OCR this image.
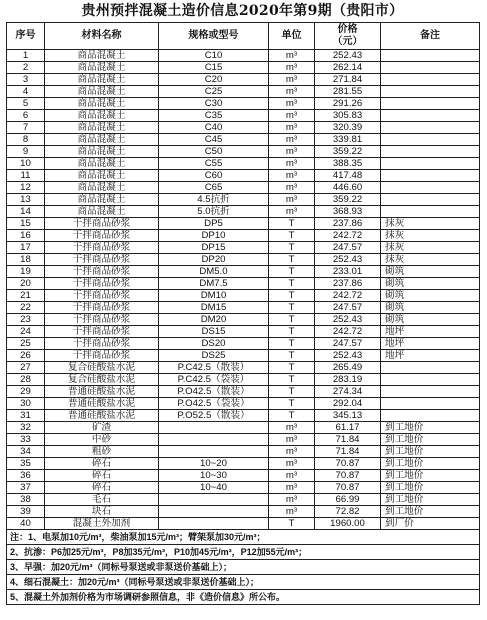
贵州预拌混凝土造价信息2020年第9期（贵阳市）
序号	材料名称	规格或型号	单位	价格
（元）	备注
1	商品混凝土	C10	m³	252.43	
2	商品混凝土	C15	m³	262.14	
3	商品混凝土	C20	m³	271.84	
4	商品混凝土	C25	m³	281.55	
5	商品混凝土	C30	m³	291.26	
6	商品混凝土	C35	m³	305.83	
7	商品混凝土	C40	m³	320.39	
8	商品混凝土	C45	m³	339.81	
9	商品混凝土	C50	m³	359.22	
10	商品混凝土	C55	m³	388.35	
11	商品混凝土	C60	m³	417.48	
12	商品混凝土	C65	m³	446.60	
13	商品混凝土	4.5抗折	m³	359.22	
14	商品混凝土	5.0抗折	m³	368.93	
15	干拌商品砂浆	DP5	T	237.86	抹灰
16	干拌商品砂浆	DP10	T	242.72	抹灰
17	干拌商品砂浆	DP15	T	247.57	抹灰
18	干拌商品砂浆	DP20	T	252.43	抹灰
19	干拌商品砂浆	DM5.0	T	233.01	砌筑
20	干拌商品砂浆	DM7.5	T	237.86	砌筑
21	干拌商品砂浆	DM10	T	242.72	砌筑
22	干拌商品砂浆	DM15	T	247.57	砌筑
23	干拌商品砂浆	DM20	T	252.43	砌筑
24	干拌商品砂浆	DS15	T	242.72	地坪
25	干拌商品砂浆	DS20	T	247.57	地坪
26	干拌商品砂浆	DS25	T	252.43	地坪
27	复合硅酸盐水泥	P.C42.5（散装）	T	265.49	
28	复合硅酸盐水泥	P.C42.5（袋装）	T	283.19	
29	普通硅酸盐水泥	P.O42.5（散装）	T	274.34	
30	普通硅酸盐水泥	P.O42.5（袋装）	T	292.04	
31	普通硅酸盐水泥	P.O52.5（散装）	T	345.13	
32	矿渣		m³	61.17	到工地价
33	中砂		m³	71.84	到工地价
34	粗砂		m³	71.84	到工地价
35	碎石	10~20	m³	70.87	到工地价
36	碎石	10~30	m³	70.87	到工地价
37	碎石	10~40	m³	70.87	到工地价
38	毛石		m³	66.99	到工地价
39	块石		m³	72.82	到工地价
40	混凝土外加剂		T	1960.00	到厂价
注：1、电泵加10元/m³，柴油泵加15元/m³；臂架泵加30元/m³；					
2、抗渗：P6加25元/m³，P8加35元/m³，P10加45元/m³，P12加55元/m³；					
3、早强：加20元/m³（同标号泵送或非泵送价基础上）；					
4、细石混凝土：加20元/m³（同标号泵送或非泵送价基础上）；					
5、混凝土外加剂价格为市场调研参照信息，非《造价信息》所公布。					
